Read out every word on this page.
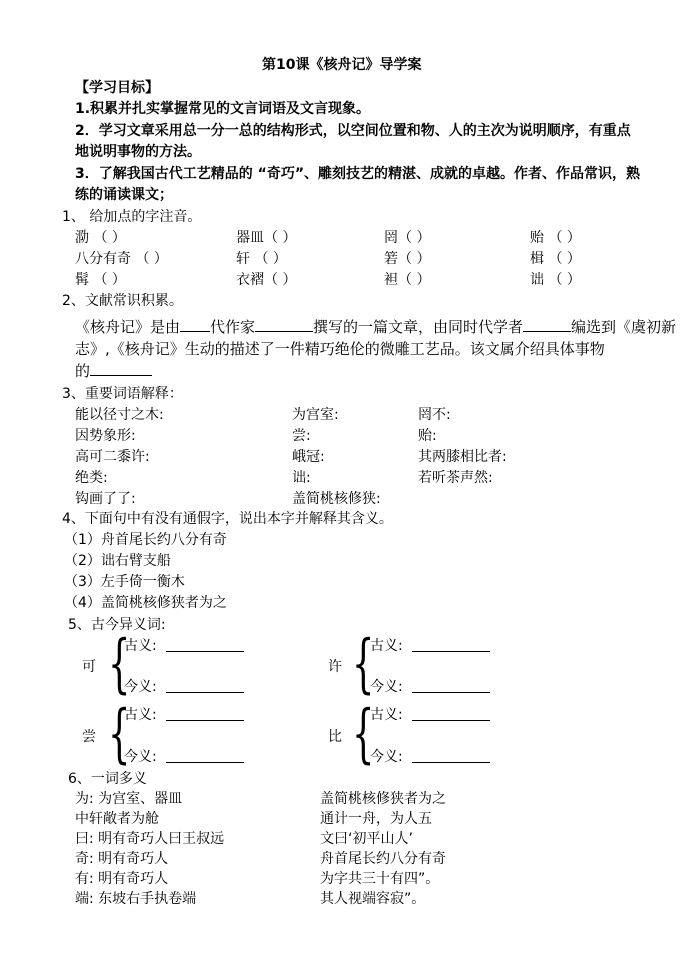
第10课《核舟记》导学案
【学习目标】
1.积累并扎实掌握常见的文言词语及文言现象。
2．学习文章采用总一分一总的结构形式，以空间位置和物、人的主次为说明顺序，有重点
地说明事物的方法。
3．了解我国古代工艺精品的 “奇巧”、雕刻技艺的精湛、成就的卓越。作者、作品常识，熟
练的诵读课文；
1、 给加点的字注音。
泐 （ ）	器皿（ ）	罔（ ）	贻 （ ）
八分有奇 （ ）	轩 （ ）	箬（ ）	楫 （ ）
髯 （ ）	衣褶（ ）	袒（ ）	诎 （ ）
2、文献常识积累。
《核舟记》是由 代作家	撰写的一篇文章，由同时代学者	编选到《虞初新
志》,《核舟记》生动的描述了一件精巧绝伦的微雕工艺品。该文属介绍具体事物
的
3、重要词语解释：
能以径寸之木:	为宫室:	罔不:
因势象形:	尝:	贻:
高可二黍许:	峨冠:	其两膝相比者:
绝类:	诎:	若听茶声然:
钩画了了:	盖简桃核修狭:
4、下面句中有没有通假字，说出本字并解释其含义。
（1）舟首尾长约八分有奇
（2）诎右臂支船
（3）左手倚一衡木
（4）盖简桃核修狭者为之
5、古今异义词:
可 {
古义:
今义:
许 {
古义:
今义:
尝 {
古义:
今义:
比 {
古义:
今义:
6、一词多义
为: 为宫室、器皿
中轩敞者为舱
曰: 明有奇巧人曰王叔远
奇: 明有奇巧人
有: 明有奇巧人
端: 东坡右手执卷端
盖简桃核修狭者为之
通计一舟，为人五
文曰‘初平山人’
舟首尾长约八分有奇
为字共三十有四”。
其人视端容寂”。
